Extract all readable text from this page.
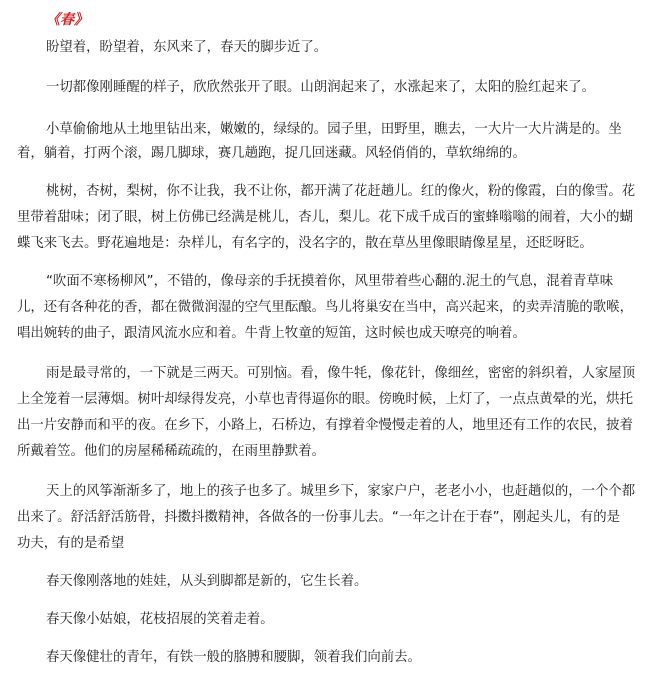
《春》
盼望着，盼望着，东风来了，春天的脚步近了。
一切都像刚睡醒的样子，欣欣然张开了眼。山朗润起来了，水涨起来了，太阳的脸红起来了。
小草偷偷地从土地里钻出来，嫩嫩的，绿绿的。园子里，田野里，瞧去，一大片一大片满是的。坐
着，躺着，打两个滚，踢几脚球，赛几趟跑，捉几回迷藏。风轻俏俏的，草软绵绵的。
桃树，杏树，梨树，你不让我，我不让你，都开满了花赶趟儿。红的像火，粉的像霞，白的像雪。花
里带着甜味；闭了眼，树上仿佛已经满是桃儿，杏儿，梨儿。花下成千成百的蜜蜂嗡嗡的闹着，大小的蝴
蝶飞来飞去。野花遍地是：杂样儿，有名字的，没名字的，散在草丛里像眼睛像星星，还眨呀眨。
“吹面不寒杨柳风”，不错的，像母亲的手抚摸着你，风里带着些心翻的.泥土的气息，混着青草味
儿，还有各种花的香，都在微微润湿的空气里酝酿。鸟儿将巢安在当中，高兴起来，的卖弄清脆的歌喉，
唱出婉转的曲子，跟清风流水应和着。牛背上牧童的短笛，这时候也成天嘹亮的响着。
雨是最寻常的，一下就是三两天。可别恼。看，像牛牦，像花针，像细丝，密密的斜织着，人家屋顶
上全笼着一层薄烟。树叶却绿得发亮，小草也青得逼你的眼。傍晚时候，上灯了，一点点黄晕的光，烘托
出一片安静而和平的夜。在乡下，小路上，石桥边，有撑着伞慢慢走着的人，地里还有工作的农民，披着
所戴着笠。他们的房屋稀稀疏疏的，在雨里静默着。
天上的风筝渐渐多了，地上的孩子也多了。城里乡下，家家户户，老老小小，也赶趟似的，一个个都
出来了。舒活舒活筋骨，抖擞抖擞精神，各做各的一份事儿去。“一年之计在于春”，刚起头儿，有的是
功夫，有的是希望
春天像刚落地的娃娃，从头到脚都是新的，它生长着。
春天像小姑娘，花枝招展的笑着走着。
春天像健壮的青年，有铁一般的胳膊和腰脚，领着我们向前去。
